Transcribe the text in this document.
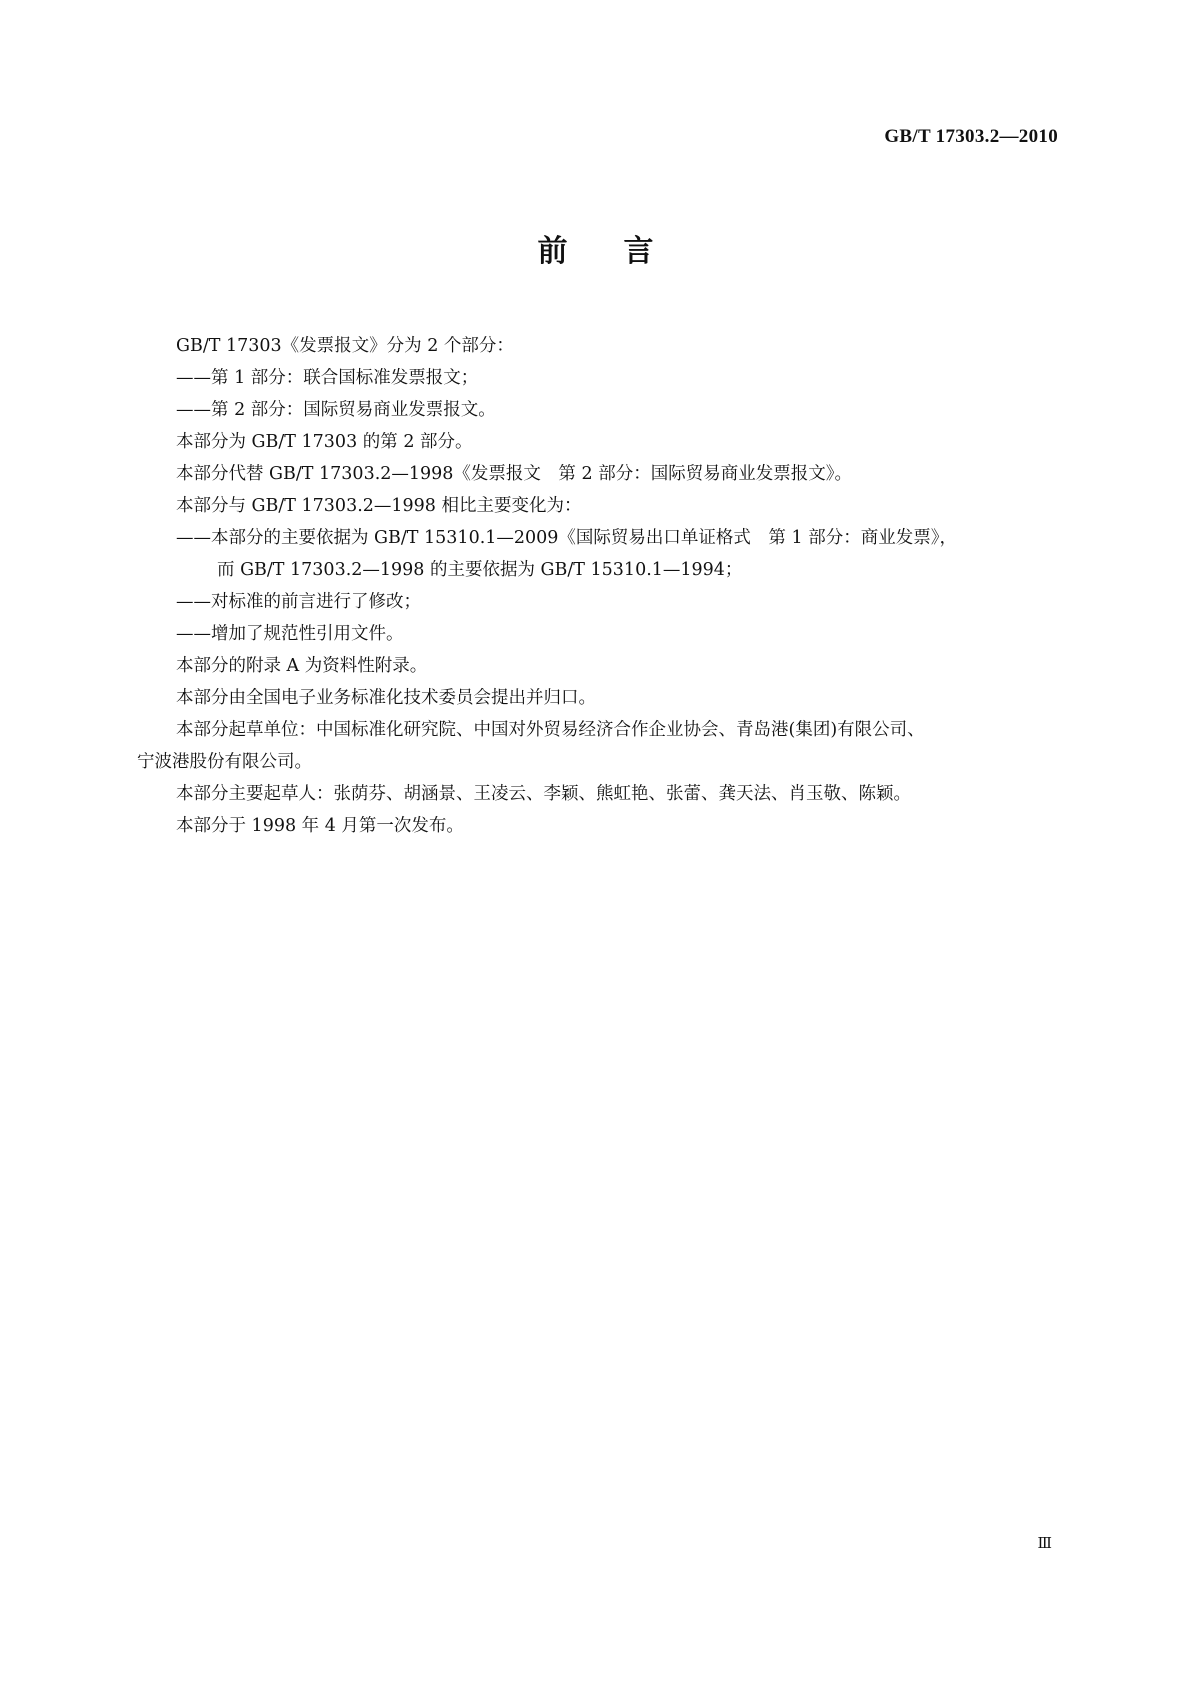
GB/T 17303.2—2010
前言
GB/T 17303《发票报文》分为 2 个部分：
——第 1 部分：联合国标准发票报文；
——第 2 部分：国际贸易商业发票报文。
本部分为 GB/T 17303 的第 2 部分。
本部分代替 GB/T 17303.2—1998《发票报文　第 2 部分：国际贸易商业发票报文》。
本部分与 GB/T 17303.2—1998 相比主要变化为：
——本部分的主要依据为 GB/T 15310.1—2009《国际贸易出口单证格式　第 1 部分：商业发票》，
而 GB/T 17303.2—1998 的主要依据为 GB/T 15310.1—1994；
——对标准的前言进行了修改；
——增加了规范性引用文件。
本部分的附录 A 为资料性附录。
本部分由全国电子业务标准化技术委员会提出并归口。
本部分起草单位：中国标准化研究院、中国对外贸易经济合作企业协会、青岛港(集团)有限公司、
宁波港股份有限公司。
本部分主要起草人：张荫芬、胡涵景、王凌云、李颖、熊虹艳、张蕾、龚天法、肖玉敬、陈颖。
本部分于 1998 年 4 月第一次发布。
Ⅲ
